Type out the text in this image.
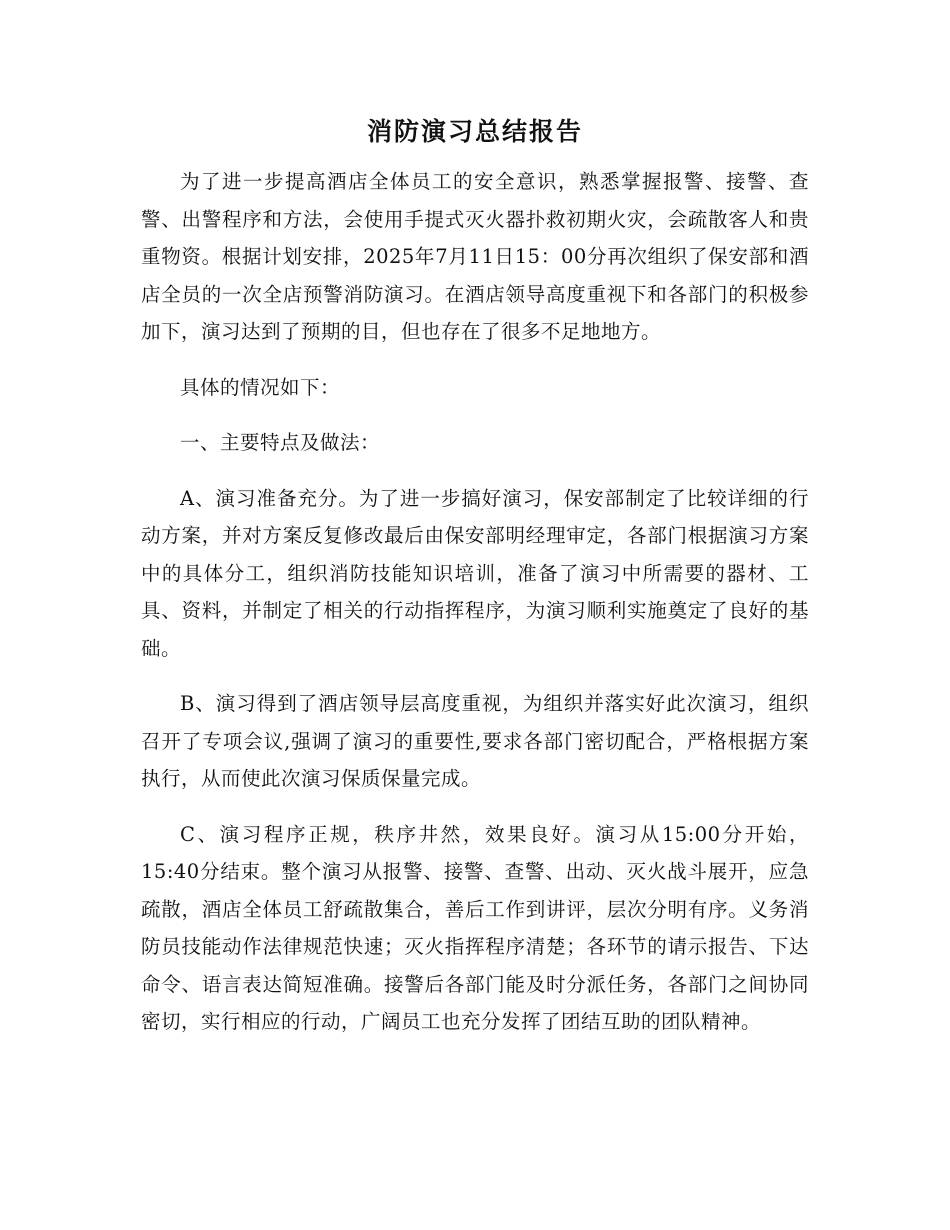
消防演习总结报告

为了进一步提高酒店全体员工的安全意识，熟悉掌握报警、接警、查警、出警程序和方法，会使用手提式灭火器扑救初期火灾，会疏散客人和贵重物资。根据计划安排，2025年7月11日15：00分再次组织了保安部和酒店全员的一次全店预警消防演习。在酒店领导高度重视下和各部门的积极参加下，演习达到了预期的目，但也存在了很多不足地地方。

具体的情况如下：

一、主要特点及做法：

A、演习准备充分。为了进一步搞好演习，保安部制定了比较详细的行动方案，并对方案反复修改最后由保安部明经理审定，各部门根据演习方案中的具体分工，组织消防技能知识培训，准备了演习中所需要的器材、工具、资料，并制定了相关的行动指挥程序，为演习顺利实施奠定了良好的基础。

B、演习得到了酒店领导层高度重视，为组织并落实好此次演习，组织召开了专项会议,强调了演习的重要性,要求各部门密切配合，严格根据方案执行，从而使此次演习保质保量完成。

C、演习程序正规，秩序井然，效果良好。演习从15:00分开始，15:40分结束。整个演习从报警、接警、查警、出动、灭火战斗展开，应急疏散，酒店全体员工舒疏散集合，善后工作到讲评，层次分明有序。义务消防员技能动作法律规范快速；灭火指挥程序清楚；各环节的请示报告、下达命令、语言表达简短准确。接警后各部门能及时分派任务，各部门之间协同密切，实行相应的行动，广阔员工也充分发挥了团结互助的团队精神。
